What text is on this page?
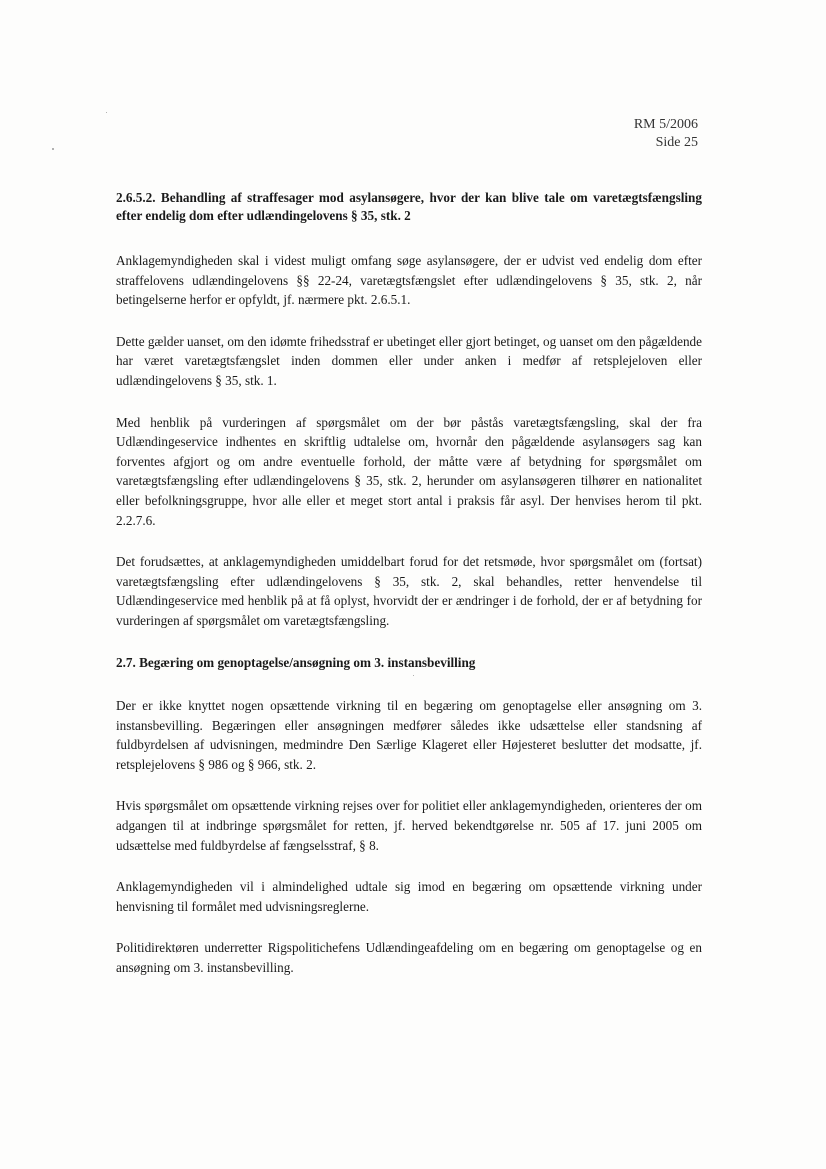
RM 5/2006
Side 25
2.6.5.2. Behandling af straffesager mod asylansøgere, hvor der kan blive tale om varetægtsfængsling efter endelig dom efter udlændingelovens § 35, stk. 2

Anklagemyndigheden skal i videst muligt omfang søge asylansøgere, der er udvist ved endelig dom efter straffelovens udlændingelovens §§ 22-24, varetægtsfængslet efter udlændingelovens § 35, stk. 2, når betingelserne herfor er opfyldt, jf. nærmere pkt. 2.6.5.1.

Dette gælder uanset, om den idømte frihedsstraf er ubetinget eller gjort betinget, og uanset om den pågældende har været varetægtsfængslet inden dommen eller under anken i medfør af retsplejeloven eller udlændingelovens § 35, stk. 1.

Med henblik på vurderingen af spørgsmålet om der bør påstås varetægtsfængsling, skal der fra Udlændingeservice indhentes en skriftlig udtalelse om, hvornår den pågældende asylansøgers sag kan forventes afgjort og om andre eventuelle forhold, der måtte være af betydning for spørgsmålet om varetægtsfængsling efter udlændingelovens § 35, stk. 2, herunder om asylansøgeren tilhører en nationalitet eller befolkningsgruppe, hvor alle eller et meget stort antal i praksis får asyl. Der henvises herom til pkt. 2.2.7.6.

Det forudsættes, at anklagemyndigheden umiddelbart forud for det retsmøde, hvor spørgsmålet om (fortsat) varetægtsfængsling efter udlændingelovens § 35, stk. 2, skal behandles, retter henvendelse til Udlændingeservice med henblik på at få oplyst, hvorvidt der er ændringer i de forhold, der er af betydning for vurderingen af spørgsmålet om varetægtsfængsling.

2.7. Begæring om genoptagelse/ansøgning om 3. instansbevilling

Der er ikke knyttet nogen opsættende virkning til en begæring om genoptagelse eller ansøgning om 3. instansbevilling. Begæringen eller ansøgningen medfører således ikke udsættelse eller standsning af fuldbyrdelsen af udvisningen, medmindre Den Særlige Klageret eller Højesteret beslutter det modsatte, jf. retsplejelovens § 986 og § 966, stk. 2.

Hvis spørgsmålet om opsættende virkning rejses over for politiet eller anklagemyndigheden, orienteres der om adgangen til at indbringe spørgsmålet for retten, jf. herved bekendtgørelse nr. 505 af 17. juni 2005 om udsættelse med fuldbyrdelse af fængselsstraf, § 8.

Anklagemyndigheden vil i almindelighed udtale sig imod en begæring om opsættende virkning under henvisning til formålet med udvisningsreglerne.

Politidirektøren underretter Rigspolitichefens Udlændingeafdeling om en begæring om genoptagelse og en ansøgning om 3. instansbevilling.
